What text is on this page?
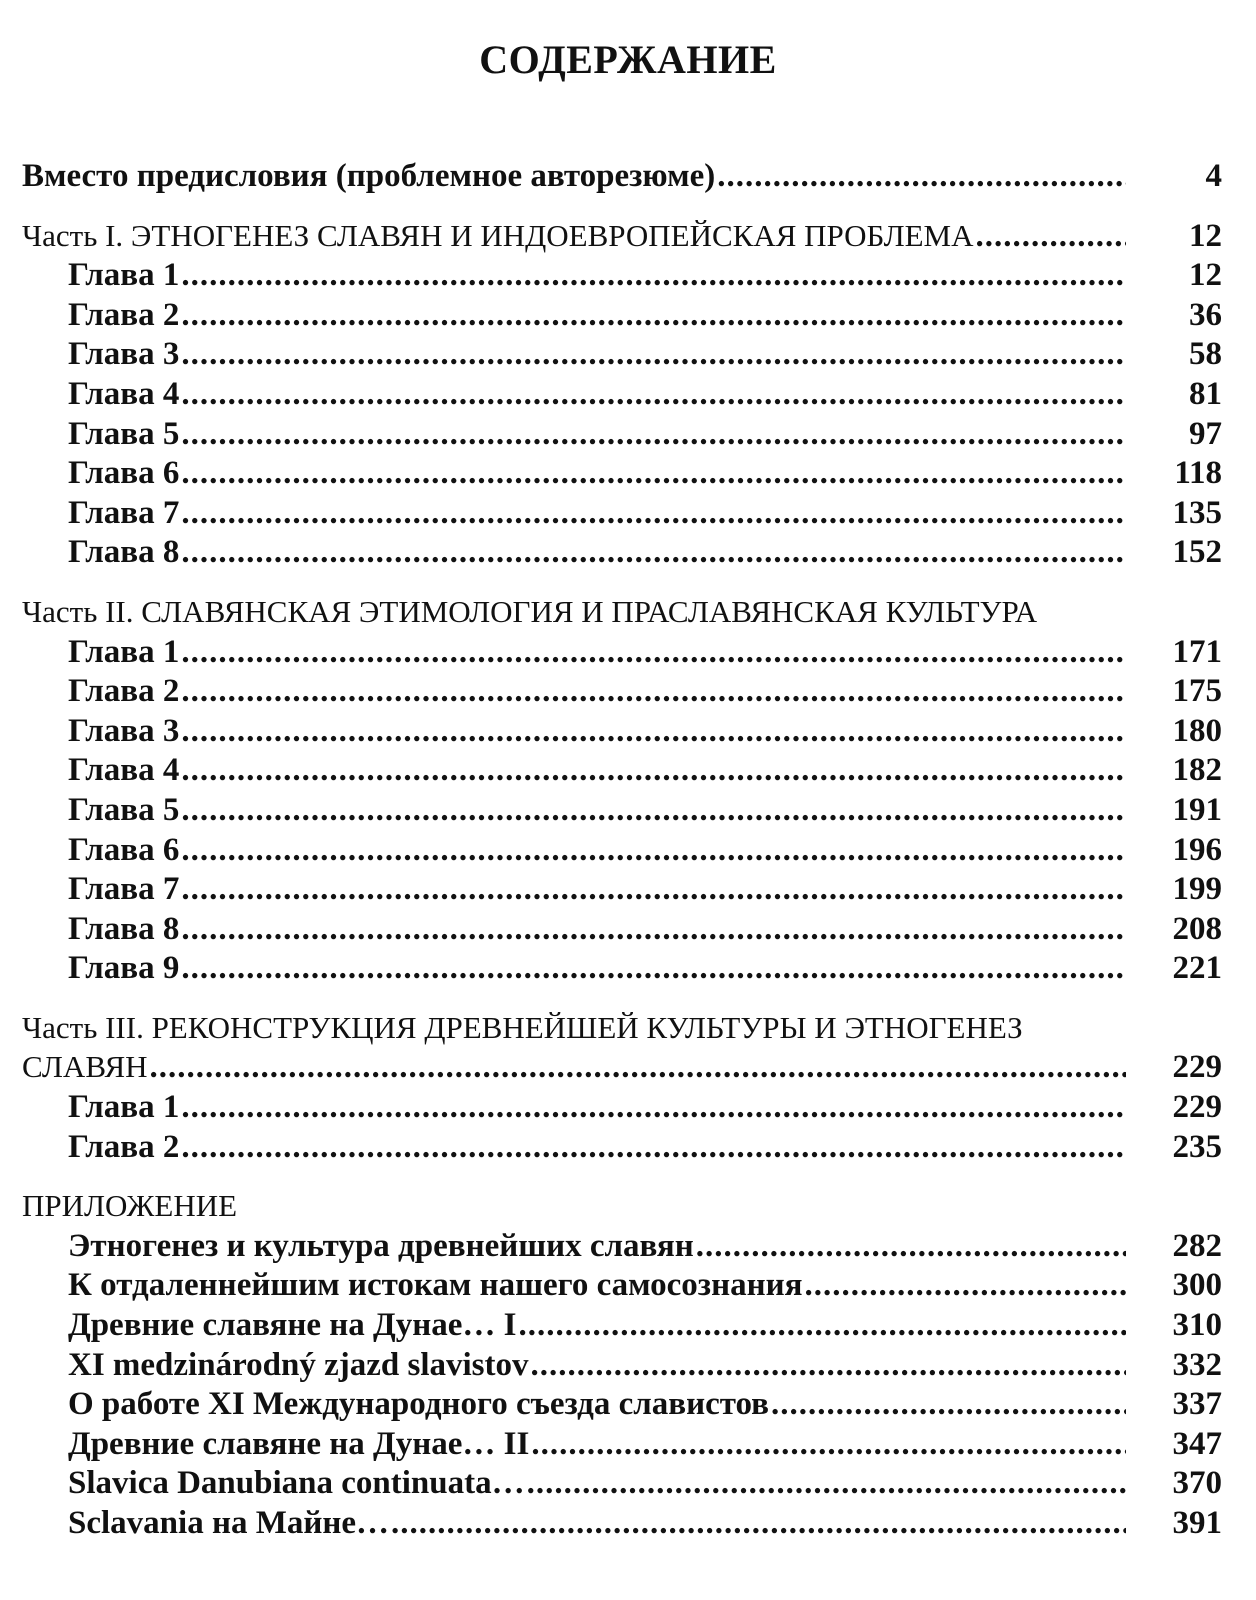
СОДЕРЖАНИЕ
Вместо предисловия (проблемное авторезюме) .....	4
Часть I. ЭТНОГЕНЕЗ СЛАВЯН И ИНДОЕВРОПЕЙСКАЯ ПРОБЛЕМА .....	12
Глава 1 .....	12
Глава 2 .....	36
Глава 3 .....	58
Глава 4 .....	81
Глава 5 .....	97
Глава 6 .....	118
Глава 7 .....	135
Глава 8 .....	152
Часть II. СЛАВЯНСКАЯ ЭТИМОЛОГИЯ И ПРАСЛАВЯНСКАЯ КУЛЬТУРА
Глава 1 .....	171
Глава 2 .....	175
Глава 3 .....	180
Глава 4 .....	182
Глава 5 .....	191
Глава 6 .....	196
Глава 7 .....	199
Глава 8 .....	208
Глава 9 .....	221
Часть III. РЕКОНСТРУКЦИЯ ДРЕВНЕЙШЕЙ КУЛЬТУРЫ И ЭТНОГЕНЕЗ
СЛАВЯН .....	229
Глава 1 .....	229
Глава 2 .....	235
ПРИЛОЖЕНИЕ
Этногенез и культура древнейших славян .....	282
К отдаленнейшим истокам нашего самосознания .....	300
Древние славяне на Дунае… I .....	310
XI medzinárodný zjazd slavistov .....	332
О работе XI Международного съезда славистов .....	337
Древние славяне на Дунае… II .....	347
Slavica Danubiana continuata… .....	370
Sclavania на Майне… .....	391
